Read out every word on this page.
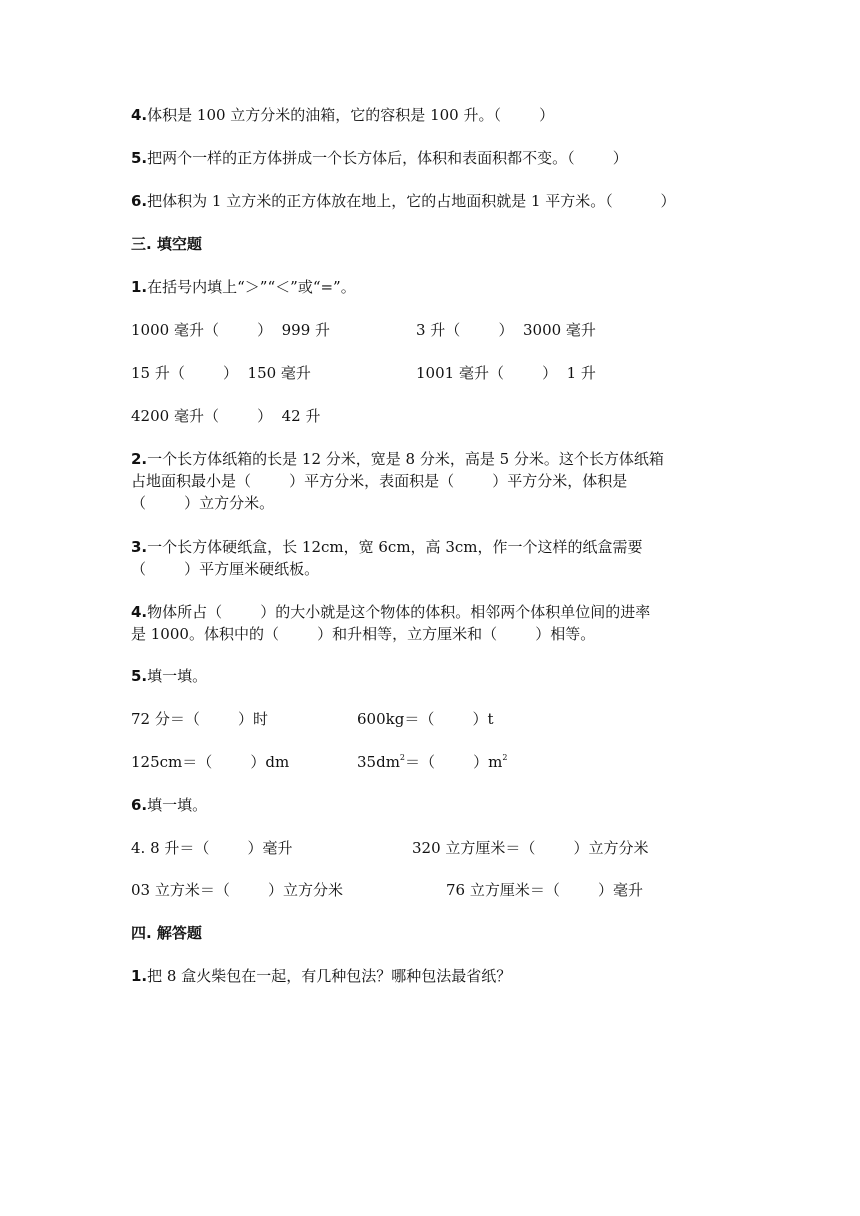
4.体积是 100 立方分米的油箱，它的容积是 100 升。（        ）
5.把两个一样的正方体拼成一个长方体后，体积和表面积都不变。（        ）
6.把体积为 1 立方米的正方体放在地上，它的占地面积就是 1 平方米。（          ）
三. 填空题
1.在括号内填上“＞”“＜”或“=”。
1000 毫升（        ）  999 升	3 升（        ）  3000 毫升
15 升（        ）  150 毫升	1001 毫升（        ）  1 升
4200 毫升（        ）  42 升
2.一个长方体纸箱的长是 12 分米，宽是 8 分米，高是 5 分米。这个长方体纸箱
占地面积最小是（        ）平方分米，表面积是（        ）平方分米，体积是
（        ）立方分米。
3.一个长方体硬纸盒，长 12cm，宽 6cm，高 3cm，作一个这样的纸盒需要
（        ）平方厘米硬纸板。
4.物体所占（        ）的大小就是这个物体的体积。相邻两个体积单位间的进率
是 1000。体积中的（        ）和升相等，立方厘米和（        ）相等。
5.填一填。
72 分＝（        ）时	600kg＝（        ）t
125cm＝（        ）dm	$35dm^2=$（        ）$m^2$
6.填一填。
4. 8 升＝（        ）毫升	320 立方厘米＝（        ）立方分米
03 立方米＝（        ）立方分米	76 立方厘米＝（        ）毫升
四. 解答题
1.把 8 盒火柴包在一起，有几种包法？哪种包法最省纸？
